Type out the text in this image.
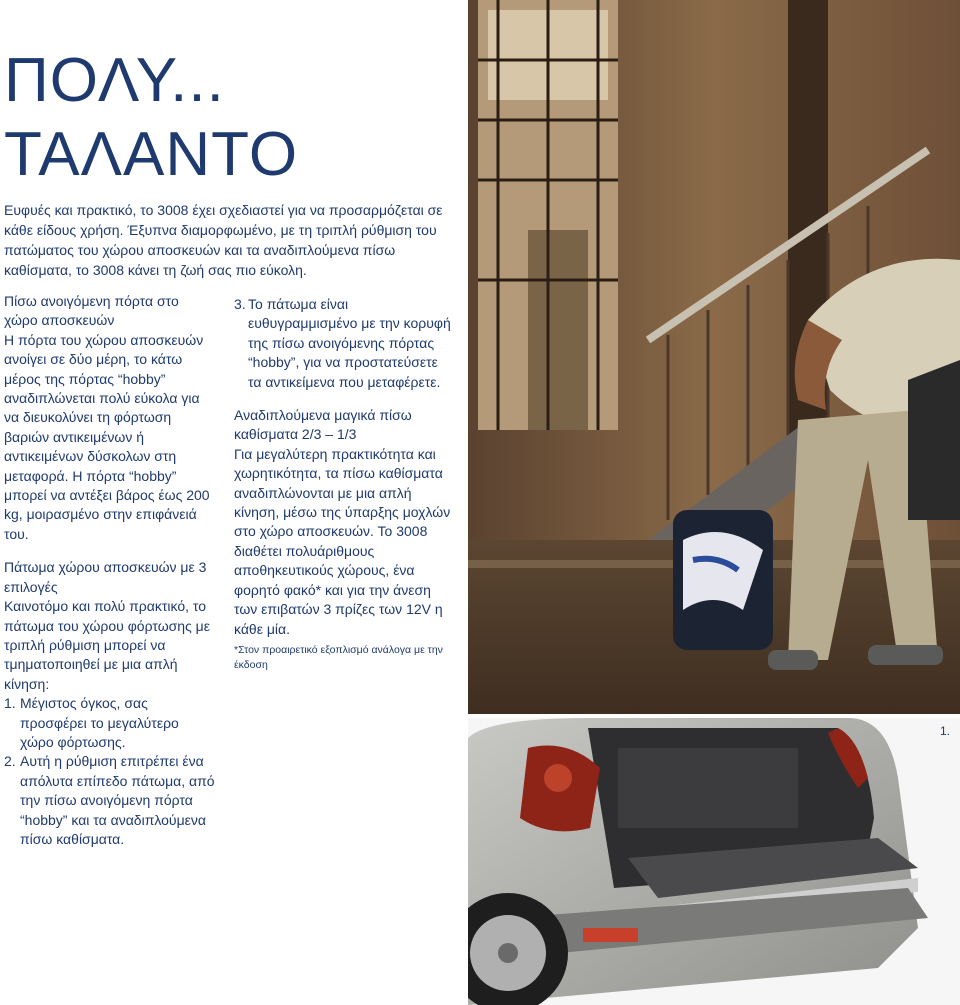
ΠΟΛΥ...
ΤΑΛΑΝΤΟ

Ευφυές και πρακτικό, το 3008 έχει σχεδιαστεί για να προσαρμόζεται σε κάθε είδους χρήση. Έξυπνα διαμορφωμένο, με τη τριπλή ρύθμιση του πατώματος του χώρου αποσκευών και τα αναδιπλούμενα πίσω καθίσματα, το 3008 κάνει τη ζωή σας πιο εύκολη.

Πίσω ανοιγόμενη πόρτα στο χώρο αποσκευών

Η πόρτα του χώρου αποσκευών ανοίγει σε δύο μέρη, το κάτω μέρος της πόρτας “hobby” αναδιπλώνεται πολύ εύκολα για να διευκολύνει τη φόρτωση βαριών αντικειμένων ή αντικειμένων δύσκολων στη μεταφορά. Η πόρτα “hobby” μπορεί να αντέξει βάρος έως 200 kg, μοιρασμένο στην επιφάνειά του.

Πάτωμα χώρου αποσκευών με 3 επιλογές

Καινοτόμο και πολύ πρακτικό, το πάτωμα του χώρου φόρτωσης με τριπλή ρύθμιση μπορεί να τμηματοποιηθεί με μια απλή κίνηση:

1. Μέγιστος όγκος, σας προσφέρει το μεγαλύτερο χώρο φόρτωσης.
2. Αυτή η ρύθμιση επιτρέπει ένα απόλυτα επίπεδο πάτωμα, από την πίσω ανοιγόμενη πόρτα “hobby” και τα αναδιπλούμενα πίσω καθίσματα.
3. Το πάτωμα είναι ευθυγραμμισμένο με την κορυφή της πίσω ανοιγόμενης πόρτας “hobby”, για να προστατεύσετε τα αντικείμενα που μεταφέρετε.

Αναδιπλούμενα μαγικά πίσω καθίσματα 2/3 – 1/3

Για μεγαλύτερη πρακτικότητα και χωρητικότητα, τα πίσω καθίσματα αναδιπλώνονται με μια απλή κίνηση, μέσω της ύπαρξης μοχλών στο χώρο αποσκευών. Το 3008 διαθέτει πολυάριθμους αποθηκευτικούς χώρους, ένα φορητό φακό* και για την άνεση των επιβατών 3 πρίζες των 12V η κάθε μία.

*Στον προαιρετικό εξοπλισμό ανάλογα με την έκδοση

1.
